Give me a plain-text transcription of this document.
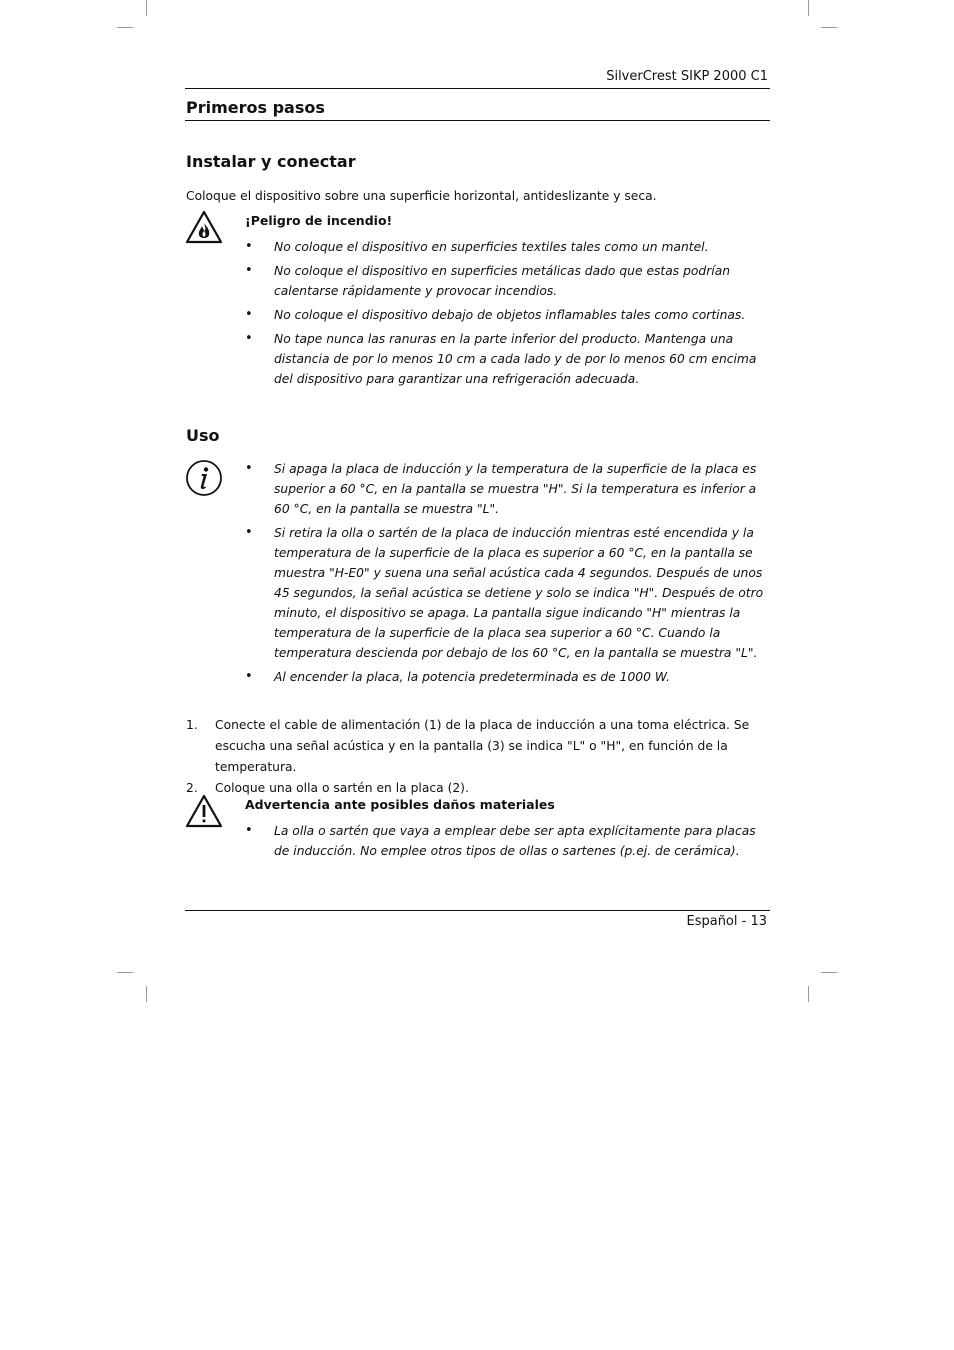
SilverCrest SIKP 2000 C1
Primeros pasos
Instalar y conectar

Coloque el dispositivo sobre una superficie horizontal, antideslizante y seca.

¡Peligro de incendio!

• No coloque el dispositivo en superficies textiles tales como un mantel.
• No coloque el dispositivo en superficies metálicas dado que estas podrían calentarse rápidamente y provocar incendios.
• No coloque el dispositivo debajo de objetos inflamables tales como cortinas.
• No tape nunca las ranuras en la parte inferior del producto. Mantenga una distancia de por lo menos 10 cm a cada lado y de por lo menos 60 cm encima del dispositivo para garantizar una refrigeración adecuada.
Uso
• Si apaga la placa de inducción y la temperatura de la superficie de la placa es superior a 60 °C, en la pantalla se muestra "H". Si la temperatura es inferior a 60 °C, en la pantalla se muestra "L".
• Si retira la olla o sartén de la placa de inducción mientras esté encendida y la temperatura de la superficie de la placa es superior a 60 °C, en la pantalla se muestra "H-E0" y suena una señal acústica cada 4 segundos. Después de unos 45 segundos, la señal acústica se detiene y solo se indica "H". Después de otro minuto, el dispositivo se apaga. La pantalla sigue indicando "H" mientras la temperatura de la superficie de la placa sea superior a 60 °C. Cuando la temperatura descienda por debajo de los 60 °C, en la pantalla se muestra "L".
• Al encender la placa, la potencia predeterminada es de 1000 W.
1. Conecte el cable de alimentación (1) de la placa de inducción a una toma eléctrica. Se escucha una señal acústica y en la pantalla (3) se indica "L" o "H", en función de la temperatura.
2. Coloque una olla o sartén en la placa (2).

Advertencia ante posibles daños materiales

• La olla o sartén que vaya a emplear debe ser apta explícitamente para placas de inducción. No emplee otros tipos de ollas o sartenes (p.ej. de cerámica).
Español - 13
